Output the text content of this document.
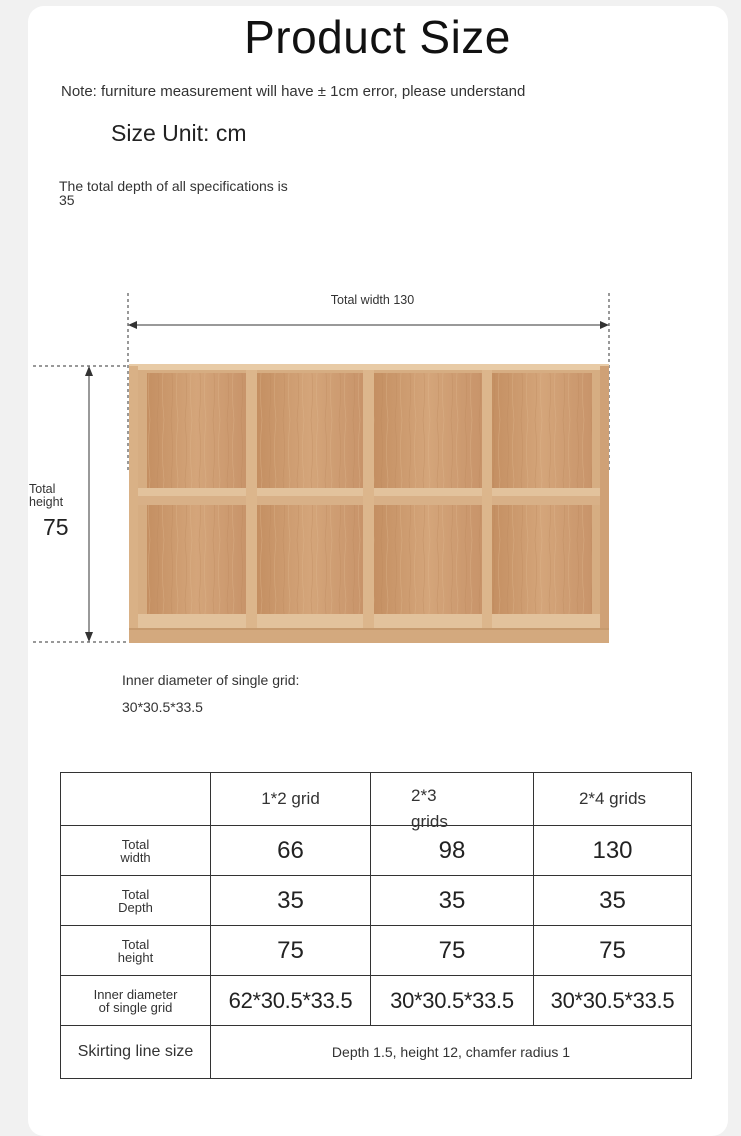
Product Size
Note: furniture measurement will have ± 1cm error, please understand
Size Unit: cm
The total depth of all specifications is
35
Total width 130
Total
height
75
Inner diameter of single grid:
30*30.5*33.5
	1*2 grid	2*3 grids	2*4 grids

Total
width	66	98	130

Total
Depth	35	35	35

Total
height	75	75	75

Inner diameter
of single grid	62*30.5*33.5	30*30.5*33.5	30*30.5*33.5
Skirting line size	Depth 1.5, height 12, chamfer radius 1		
